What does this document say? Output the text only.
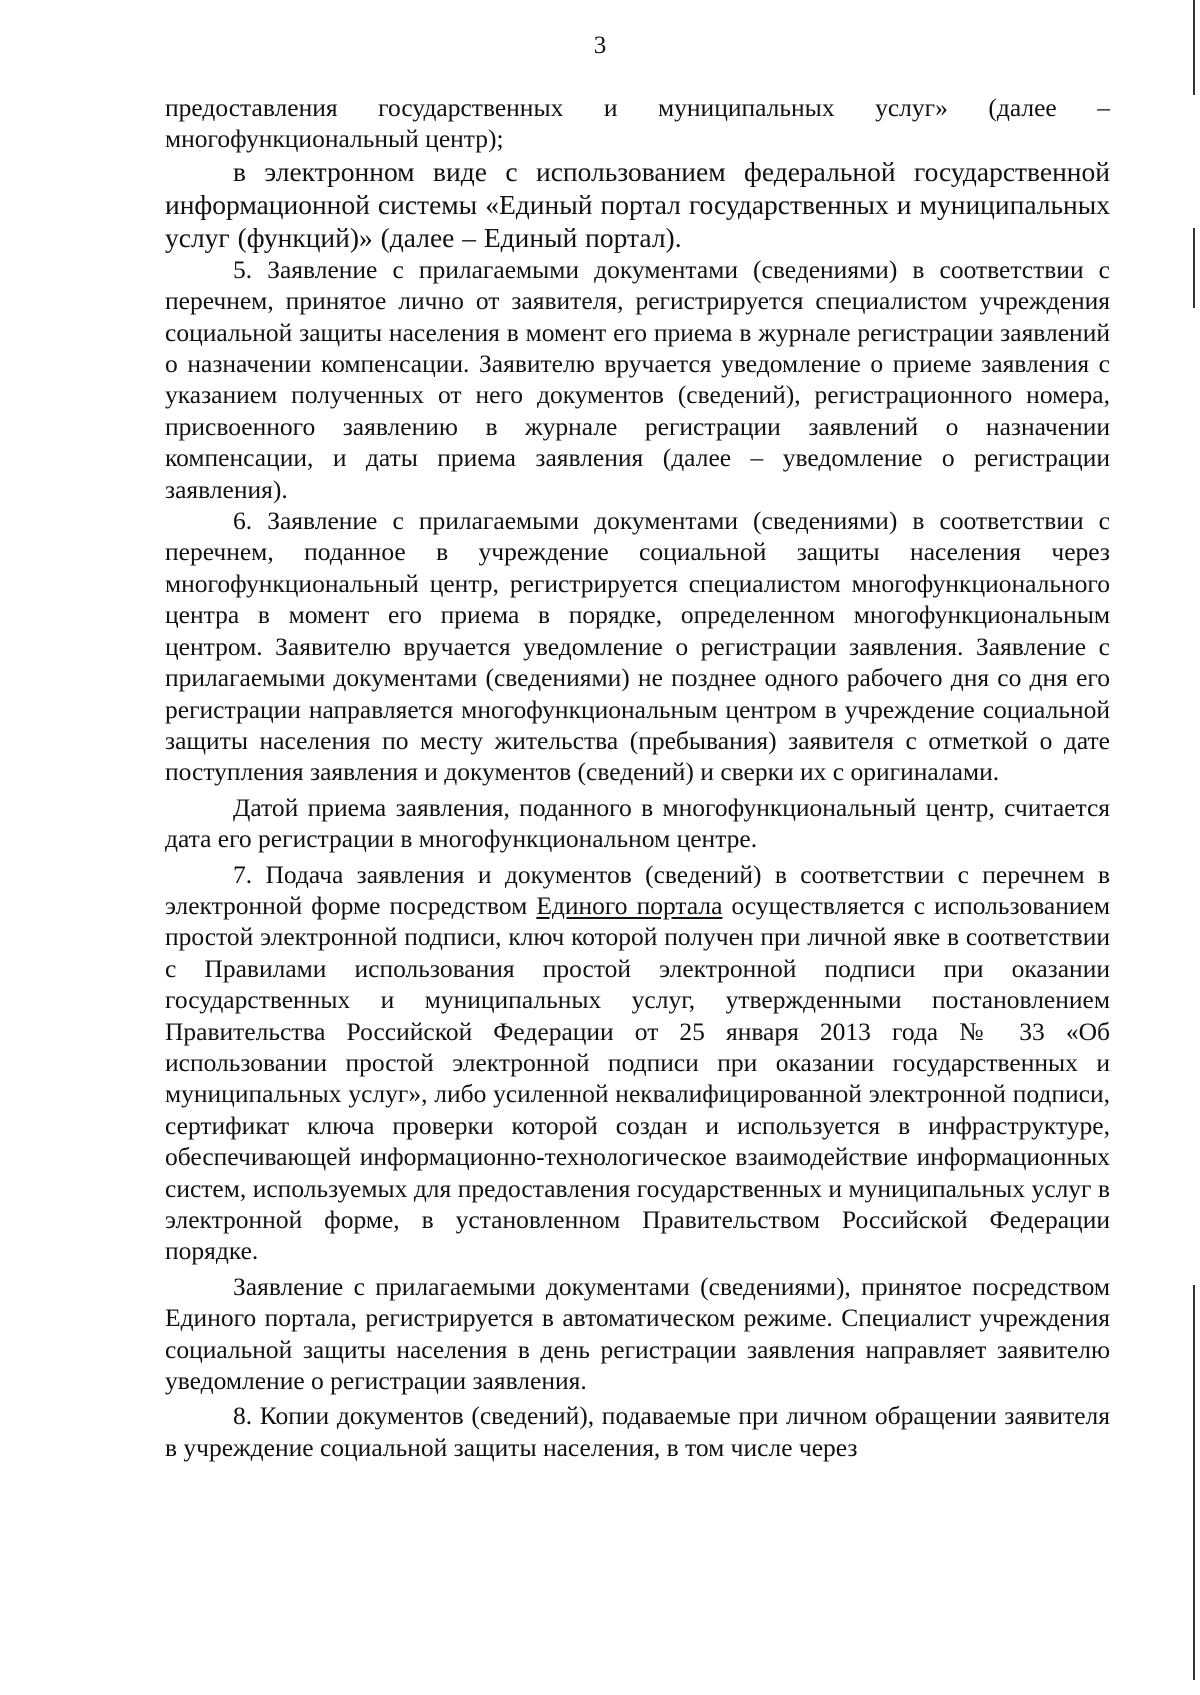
3

предоставления государственных и муниципальных услуг» (далее – многофункциональный центр);

в электронном виде с использованием федеральной государственной информационной системы «Единый портал государственных и муниципальных услуг (функций)» (далее – Единый портал).

5. Заявление с прилагаемыми документами (сведениями) в соответствии с перечнем, принятое лично от заявителя, регистрируется специалистом учреждения социальной защиты населения в момент его приема в журнале регистрации заявлений о назначении компенсации. Заявителю вручается уведомление о приеме заявления с указанием полученных от него документов (сведений), регистрационного номера, присвоенного заявлению в журнале регистрации заявлений о назначении компенсации, и даты приема заявления (далее – уведомление о регистрации заявления).

6. Заявление с прилагаемыми документами (сведениями) в соответствии с перечнем, поданное в учреждение социальной защиты населения через многофункциональный центр, регистрируется специалистом многофункционального центра в момент его приема в порядке, определенном многофункциональным центром. Заявителю вручается уведомление о регистрации заявления. Заявление с прилагаемыми документами (сведениями) не позднее одного рабочего дня со дня его регистрации направляется многофункциональным центром в учреждение социальной защиты населения по месту жительства (пребывания) заявителя с отметкой о дате поступления заявления и документов (сведений) и сверки их с оригиналами.

Датой приема заявления, поданного в многофункциональный центр, считается дата его регистрации в многофункциональном центре.

7. Подача заявления и документов (сведений) в соответствии с перечнем в электронной форме посредством Единого портала осуществляется с использованием простой электронной подписи, ключ которой получен при личной явке в соответствии с Правилами использования простой электронной подписи при оказании государственных и муниципальных услуг, утвержденными постановлением Правительства Российской Федерации от 25 января 2013 года № 33 «Об использовании простой электронной подписи при оказании государственных и муниципальных услуг», либо усиленной неквалифицированной электронной подписи, сертификат ключа проверки которой создан и используется в инфраструктуре, обеспечивающей информационно-технологическое взаимодействие информационных систем, используемых для предоставления государственных и муниципальных услуг в электронной форме, в установленном Правительством Российской Федерации порядке.

Заявление с прилагаемыми документами (сведениями), принятое посредством Единого портала, регистрируется в автоматическом режиме. Специалист учреждения социальной защиты населения в день регистрации заявления направляет заявителю уведомление о регистрации заявления.

8. Копии документов (сведений), подаваемые при личном обращении заявителя в учреждение социальной защиты населения, в том числе через
